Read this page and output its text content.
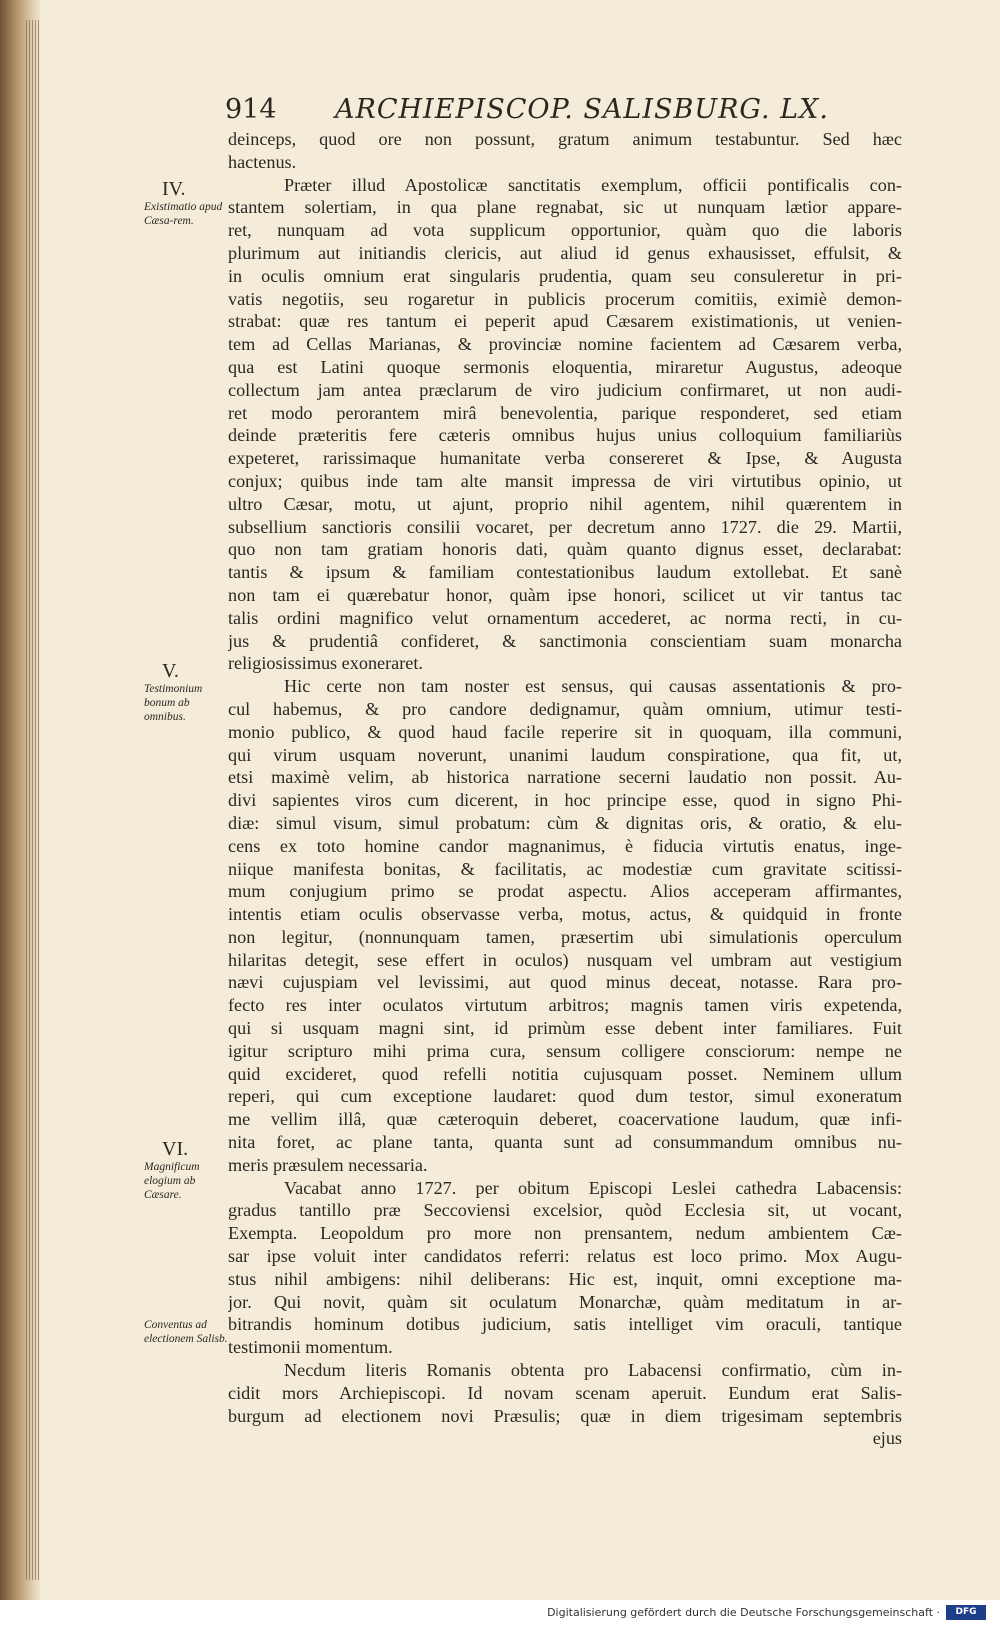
914 ARCHIEPISCOP. SALISBURG. LX.
IV.
Existimatio apud Cæsa-rem.
V.
Testimonium bonum ab omnibus.
VI.
Magnificum elogium ab Cæsare.
Conventus ad electionem Salisb.
deinceps, quod ore non possunt, gratum animum testabuntur. Sed hæc
hactenus.
Præter illud Apostolicæ sanctitatis exemplum, officii pontificalis con-
stantem solertiam, in qua plane regnabat, sic ut nunquam lætior appare-
ret, nunquam ad vota supplicum opportunior, quàm quo die laboris
plurimum aut initiandis clericis, aut aliud id genus exhausisset, effulsit, &
in oculis omnium erat singularis prudentia, quam seu consuleretur in pri-
vatis negotiis, seu rogaretur in publicis procerum comitiis, eximiè demon-
strabat: quæ res tantum ei peperit apud Cæsarem existimationis, ut venien-
tem ad Cellas Marianas, & provinciæ nomine facientem ad Cæsarem verba,
qua est Latini quoque sermonis eloquentia, miraretur Augustus, adeoque
collectum jam antea præclarum de viro judicium confirmaret, ut non audi-
ret modo perorantem mirâ benevolentia, parique responderet, sed etiam
deinde præteritis fere cæteris omnibus hujus unius colloquium familiariùs
expeteret, rarissimaque humanitate verba consereret & Ipse, & Augusta
conjux; quibus inde tam alte mansit impressa de viri virtutibus opinio, ut
ultro Cæsar, motu, ut ajunt, proprio nihil agentem, nihil quærentem in
subsellium sanctioris consilii vocaret, per decretum anno 1727. die 29. Martii,
quo non tam gratiam honoris dati, quàm quanto dignus esset, declarabat:
tantis & ipsum & familiam contestationibus laudum extollebat. Et sanè
non tam ei quærebatur honor, quàm ipse honori, scilicet ut vir tantus tac
talis ordini magnifico velut ornamentum accederet, ac norma recti, in cu-
jus & prudentiâ confideret, & sanctimonia conscientiam suam monarcha
religiosissimus exoneraret.
Hic certe non tam noster est sensus, qui causas assentationis & pro-
cul habemus, & pro candore dedignamur, quàm omnium, utimur testi-
monio publico, & quod haud facile reperire sit in quoquam, illa communi,
qui virum usquam noverunt, unanimi laudum conspiratione, qua fit, ut,
etsi maximè velim, ab historica narratione secerni laudatio non possit. Au-
divi sapientes viros cum dicerent, in hoc principe esse, quod in signo Phi-
diæ: simul visum, simul probatum: cùm & dignitas oris, & oratio, & elu-
cens ex toto homine candor magnanimus, è fiducia virtutis enatus, inge-
niique manifesta bonitas, & facilitatis, ac modestiæ cum gravitate scitissi-
mum conjugium primo se prodat aspectu. Alios acceperam affirmantes,
intentis etiam oculis observasse verba, motus, actus, & quidquid in fronte
non legitur, (nonnunquam tamen, præsertim ubi simulationis operculum
hilaritas detegit, sese effert in oculos) nusquam vel umbram aut vestigium
nævi cujuspiam vel levissimi, aut quod minus deceat, notasse. Rara pro-
fecto res inter oculatos virtutum arbitros; magnis tamen viris expetenda,
qui si usquam magni sint, id primùm esse debent inter familiares. Fuit
igitur scripturo mihi prima cura, sensum colligere consciorum: nempe ne
quid excideret, quod refelli notitia cujusquam posset. Neminem ullum
reperi, qui cum exceptione laudaret: quod dum testor, simul exoneratum
me vellim illâ, quæ cæteroquin deberet, coacervatione laudum, quæ infi-
nita foret, ac plane tanta, quanta sunt ad consummandum omnibus nu-
meris præsulem necessaria.
Vacabat anno 1727. per obitum Episcopi Leslei cathedra Labacensis:
gradus tantillo præ Seccoviensi excelsior, quòd Ecclesia sit, ut vocant,
Exempta. Leopoldum pro more non prensantem, nedum ambientem Cæ-
sar ipse voluit inter candidatos referri: relatus est loco primo. Mox Augu-
stus nihil ambigens: nihil deliberans: Hic est, inquit, omni exceptione ma-
jor. Qui novit, quàm sit oculatum Monarchæ, quàm meditatum in ar-
bitrandis hominum dotibus judicium, satis intelliget vim oraculi, tantique
testimonii momentum.
Necdum literis Romanis obtenta pro Labacensi confirmatio, cùm in-
cidit mors Archiepiscopi. Id novam scenam aperuit. Eundum erat Salis-
burgum ad electionem novi Præsulis; quæ in diem trigesimam septembris
ejus
Digitalisierung gefördert durch die Deutsche Forschungsgemeinschaft ·	DFG
